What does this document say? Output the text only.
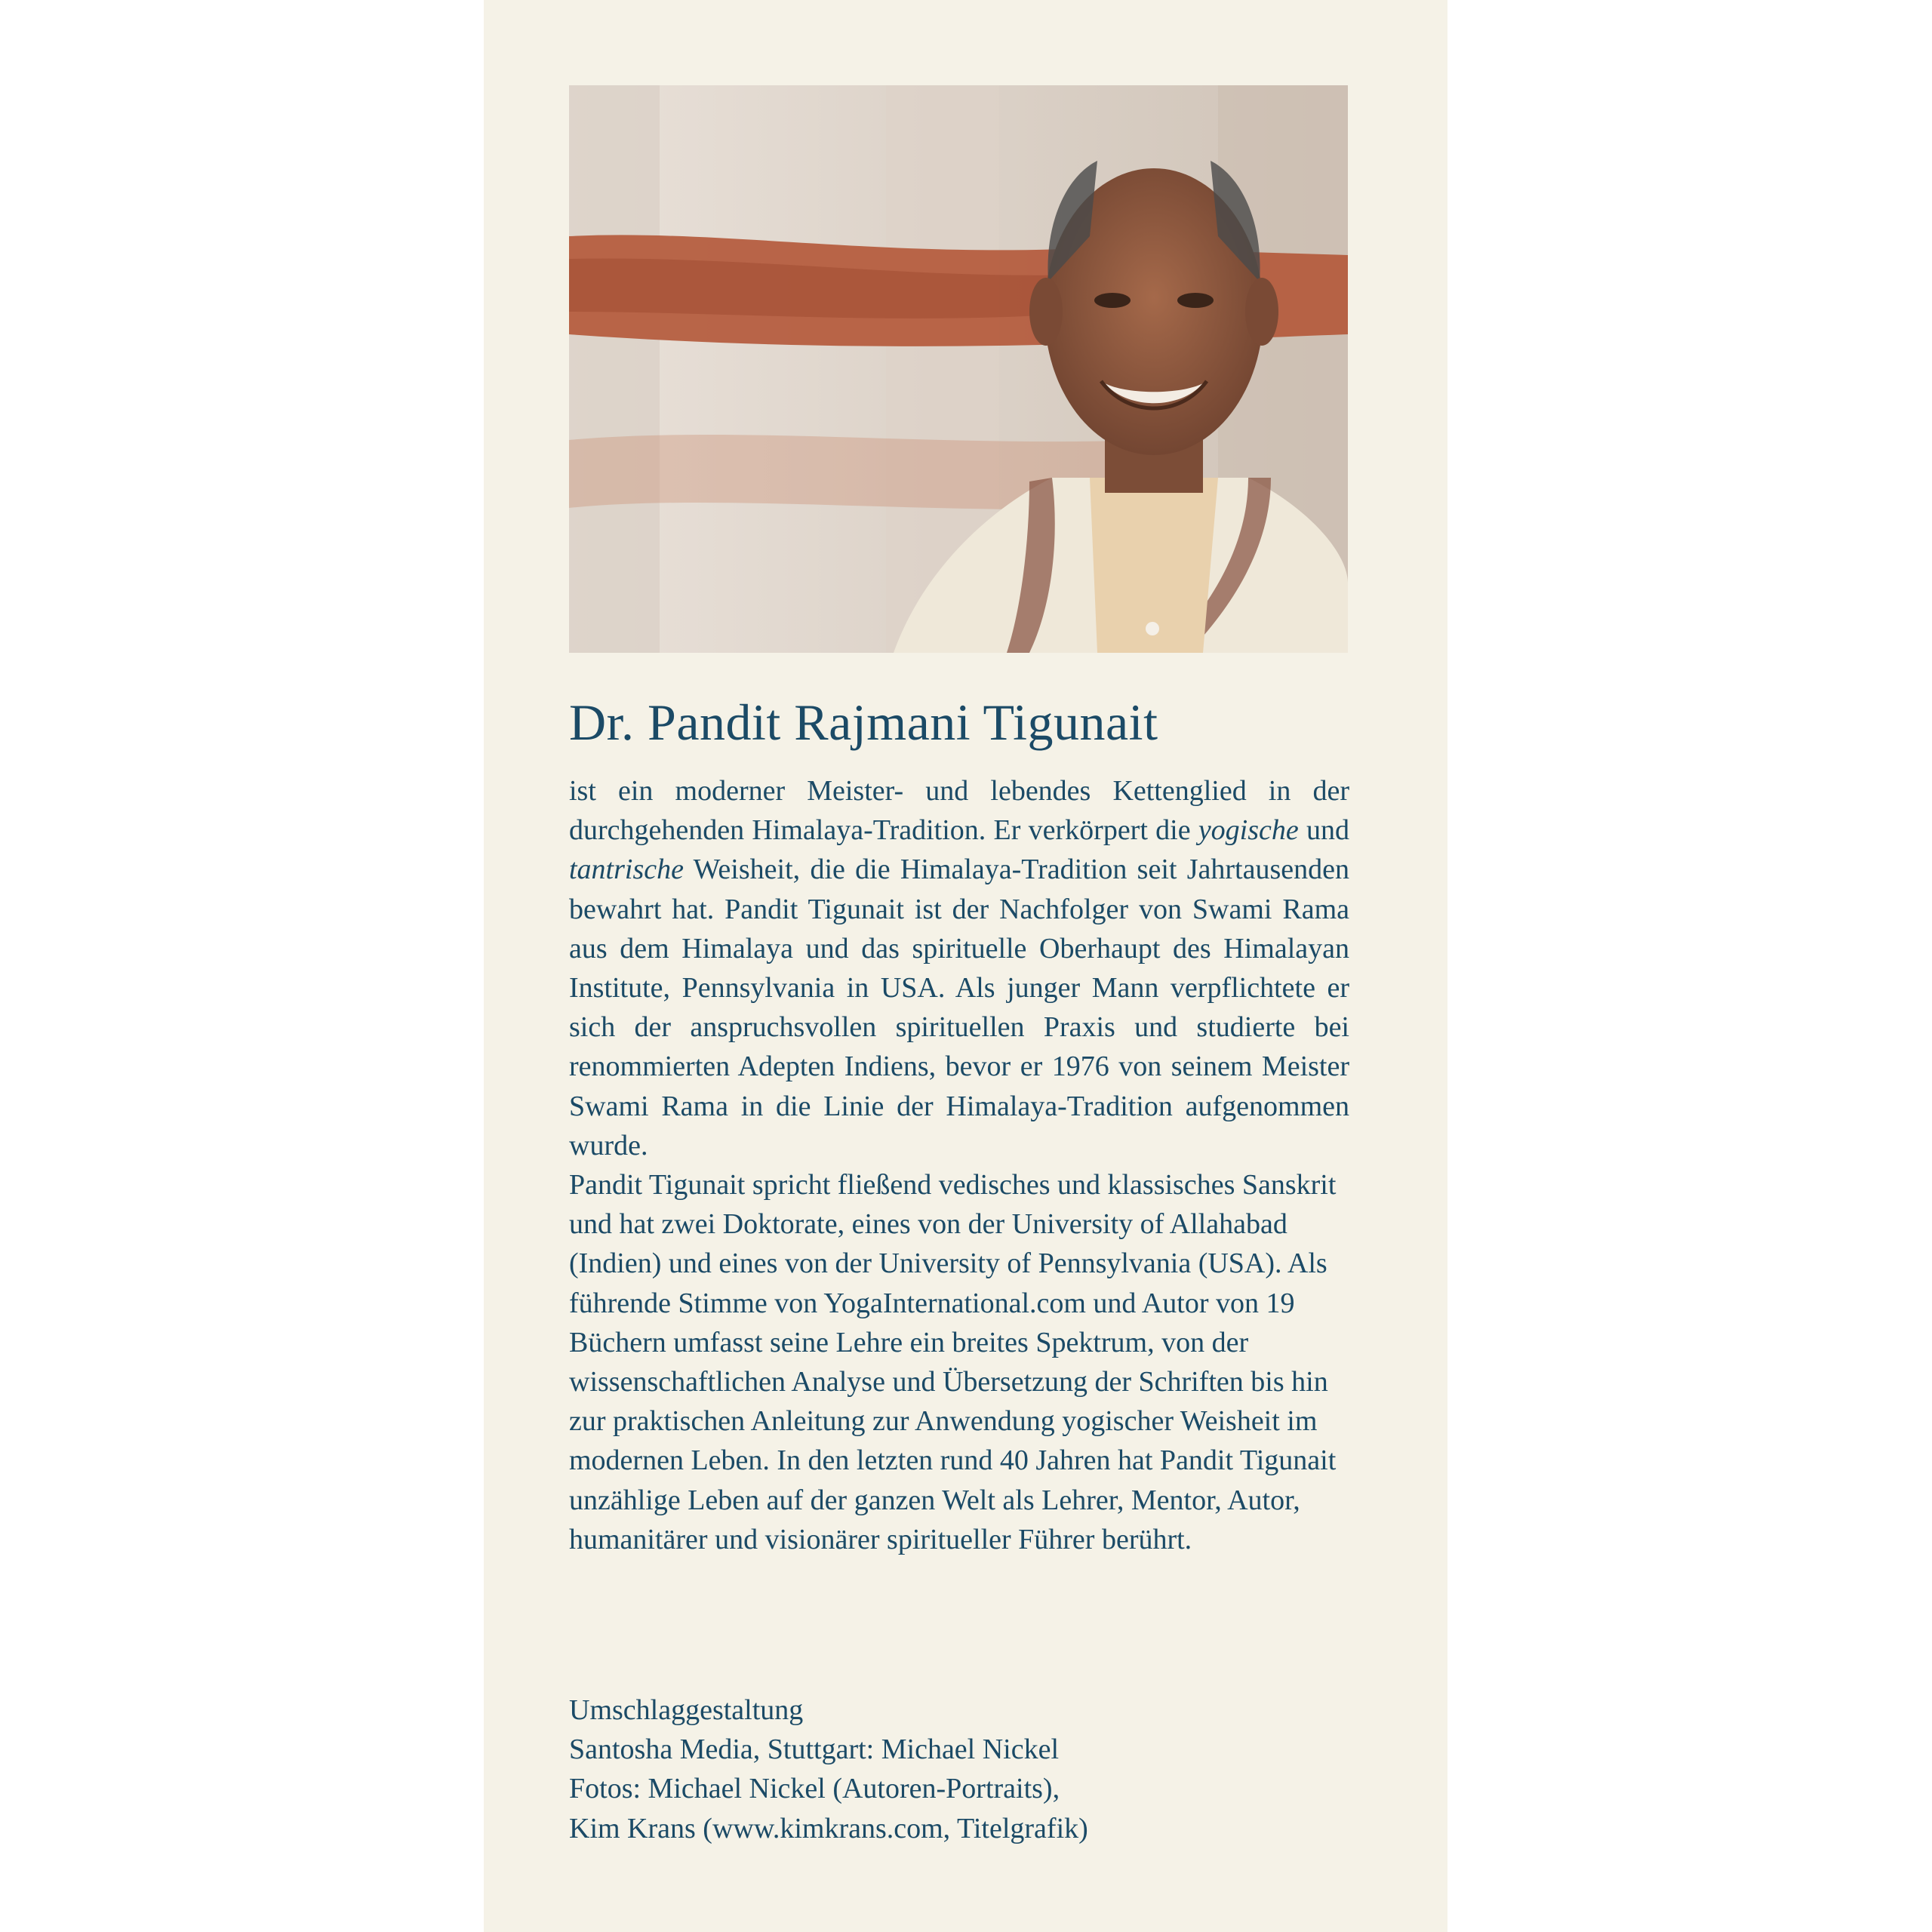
Dr. Pandit Rajmani Tigunait

ist ein moderner Meister- und lebendes Kettenglied in der durchgehenden Himalaya-Tradition. Er verkörpert die yogische und tantrische Weisheit, die die Himalaya-Tradition seit Jahrtausenden bewahrt hat. Pandit Tigunait ist der Nachfolger von Swami Rama aus dem Himalaya und das spirituelle Oberhaupt des Himalayan Institute, Pennsylvania in USA. Als junger Mann verpflichtete er sich der anspruchsvollen spirituellen Praxis und studierte bei renommierten Adepten Indiens, bevor er 1976 von seinem Meister Swami Rama in die Linie der Himalaya-Tradition aufgenommen wurde.

Pandit Tigunait spricht fließend vedisches und klassisches Sanskrit und hat zwei Doktorate, eines von der University of Allahabad (Indien) und eines von der University of Pennsylvania (USA). Als führende Stimme von YogaInternational.​com und Autor von 19 Büchern umfasst seine Lehre ein breites Spektrum, von der wissenschaftlichen Analyse und Übersetzung der Schriften bis hin zur praktischen Anleitung zur Anwendung yogischer Weisheit im modernen Leben. In den letzten rund 40 Jahren hat Pandit Tigunait unzählige Leben auf der ganzen Welt als Lehrer, Mentor, Autor, humanitärer und visionärer spiritueller Führer berührt.

Umschlaggestaltung
Santosha Media, Stuttgart: Michael Nickel
Fotos: Michael Nickel (Autoren-Portraits),
Kim Krans (www.kimkrans.com, Titelgrafik)
